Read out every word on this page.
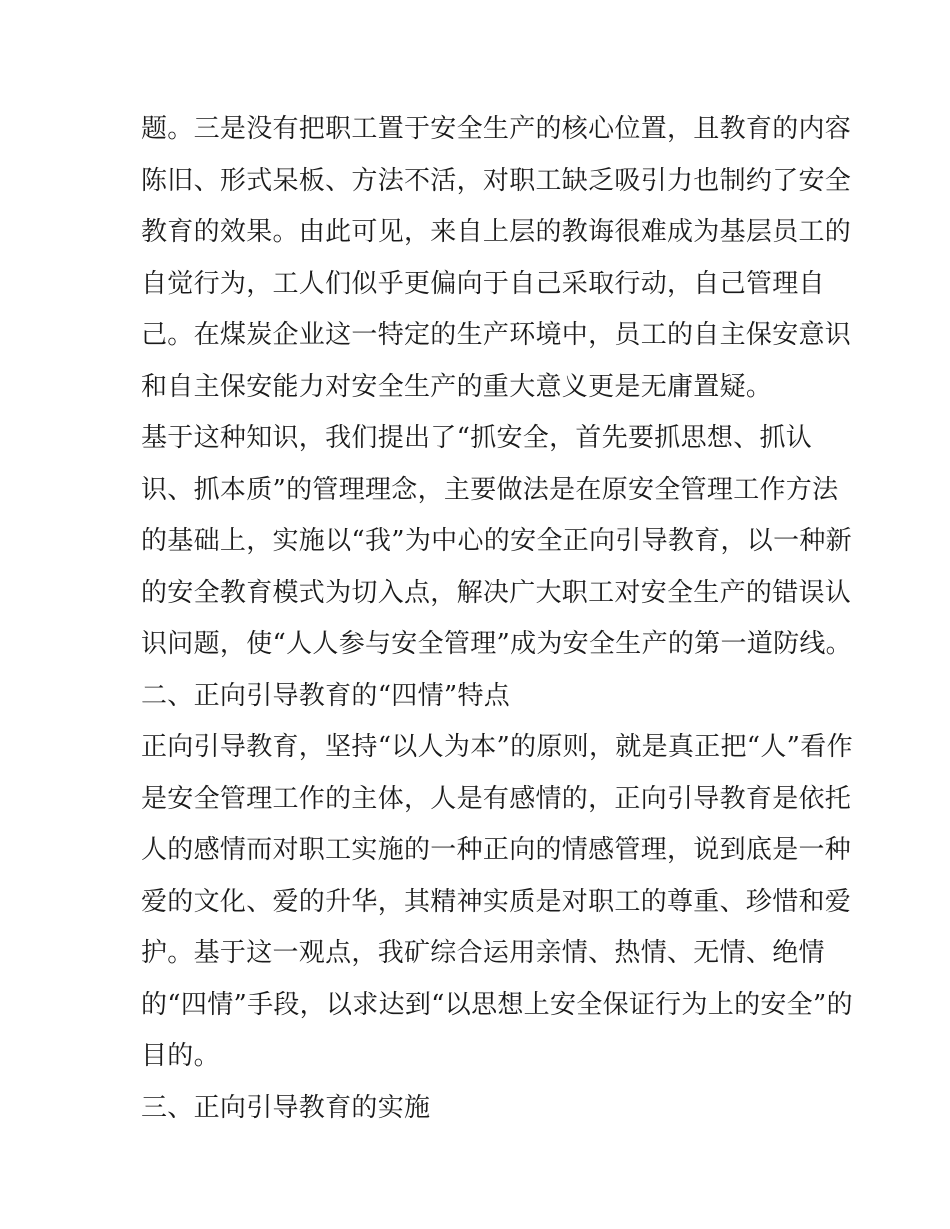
题。三是没有把职工置于安全生产的核心位置，且教育的内容
陈旧、形式呆板、方法不活，对职工缺乏吸引力也制约了安全
教育的效果。由此可见，来自上层的教诲很难成为基层员工的
自觉行为，工人们似乎更偏向于自己采取行动，自己管理自
己。在煤炭企业这一特定的生产环境中，员工的自主保安意识
和自主保安能力对安全生产的重大意义更是无庸置疑。
基于这种知识，我们提出了“抓安全，首先要抓思想、抓认
识、抓本质”的管理理念，主要做法是在原安全管理工作方法
的基础上，实施以“我”为中心的安全正向引导教育，以一种新
的安全教育模式为切入点，解决广大职工对安全生产的错误认
识问题，使“人人参与安全管理”成为安全生产的第一道防线。
二、正向引导教育的“四情”特点
正向引导教育，坚持“以人为本”的原则，就是真正把“人”看作
是安全管理工作的主体，人是有感情的，正向引导教育是依托
人的感情而对职工实施的一种正向的情感管理，说到底是一种
爱的文化、爱的升华，其精神实质是对职工的尊重、珍惜和爱
护。基于这一观点，我矿综合运用亲情、热情、无情、绝情
的“四情”手段，以求达到“以思想上安全保证行为上的安全”的
目的。
三、正向引导教育的实施
